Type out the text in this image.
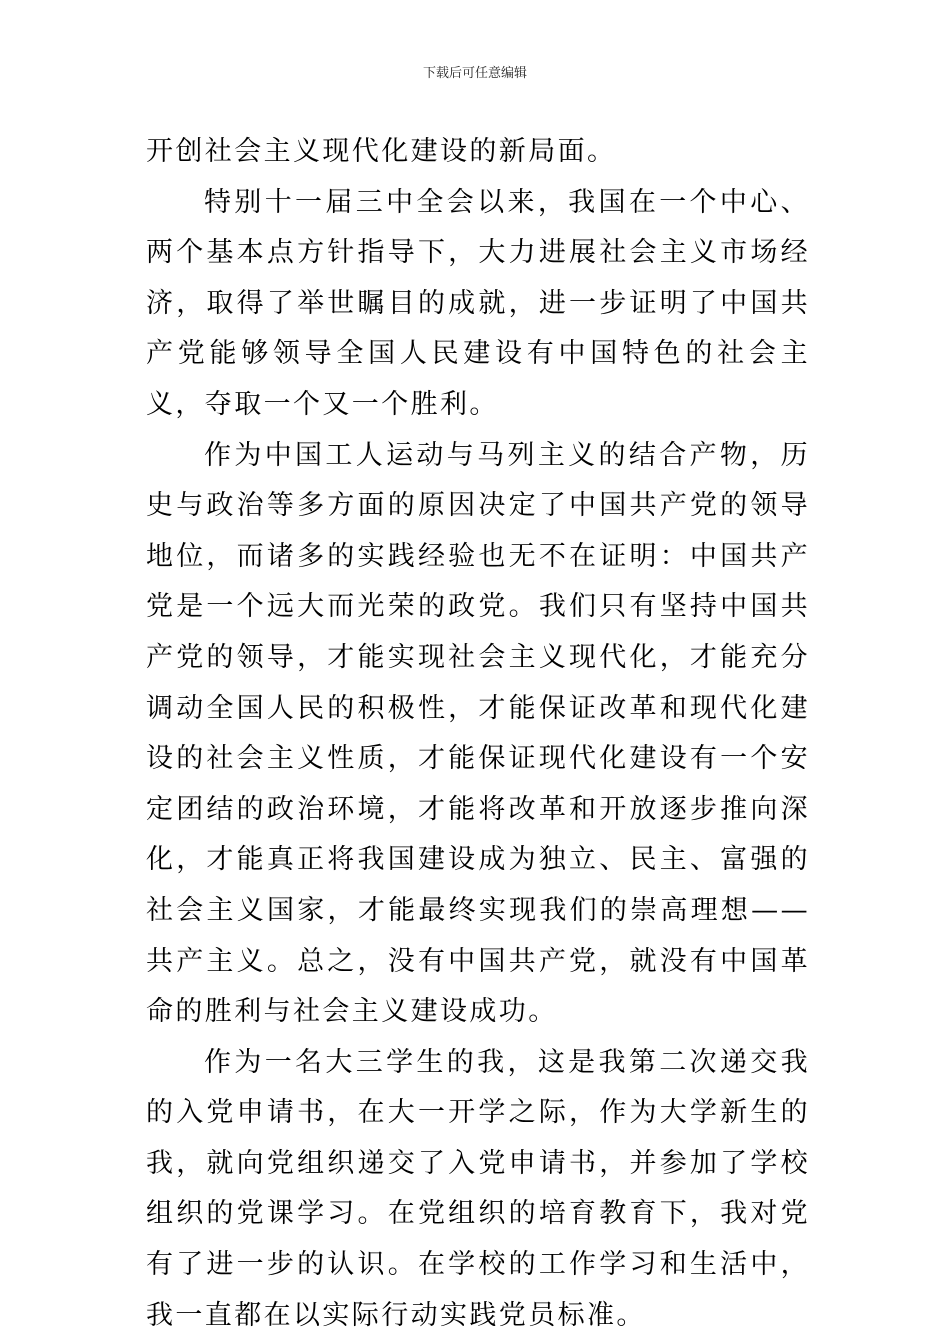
下载后可任意编辑

开创社会主义现代化建设的新局面。

特别十一届三中全会以来，我国在一个中心、两个基本点方针指导下，大力进展社会主义市场经济，取得了举世瞩目的成就，进一步证明了中国共产党能够领导全国人民建设有中国特色的社会主义，夺取一个又一个胜利。

作为中国工人运动与马列主义的结合产物，历史与政治等多方面的原因决定了中国共产党的领导地位，而诸多的实践经验也无不在证明：中国共产党是一个远大而光荣的政党。我们只有坚持中国共产党的领导，才能实现社会主义现代化，才能充分调动全国人民的积极性，才能保证改革和现代化建设的社会主义性质，才能保证现代化建设有一个安定团结的政治环境，才能将改革和开放逐步推向深化，才能真正将我国建设成为独立、民主、富强的社会主义国家，才能最终实现我们的崇高理想——共产主义。总之，没有中国共产党，就没有中国革命的胜利与社会主义建设成功。

作为一名大三学生的我，这是我第二次递交我的入党申请书，在大一开学之际，作为大学新生的我，就向党组织递交了入党申请书，并参加了学校组织的党课学习。在党组织的培育教育下，我对党有了进一步的认识。在学校的工作学习和生活中，我一直都在以实际行动实践党员标准。
